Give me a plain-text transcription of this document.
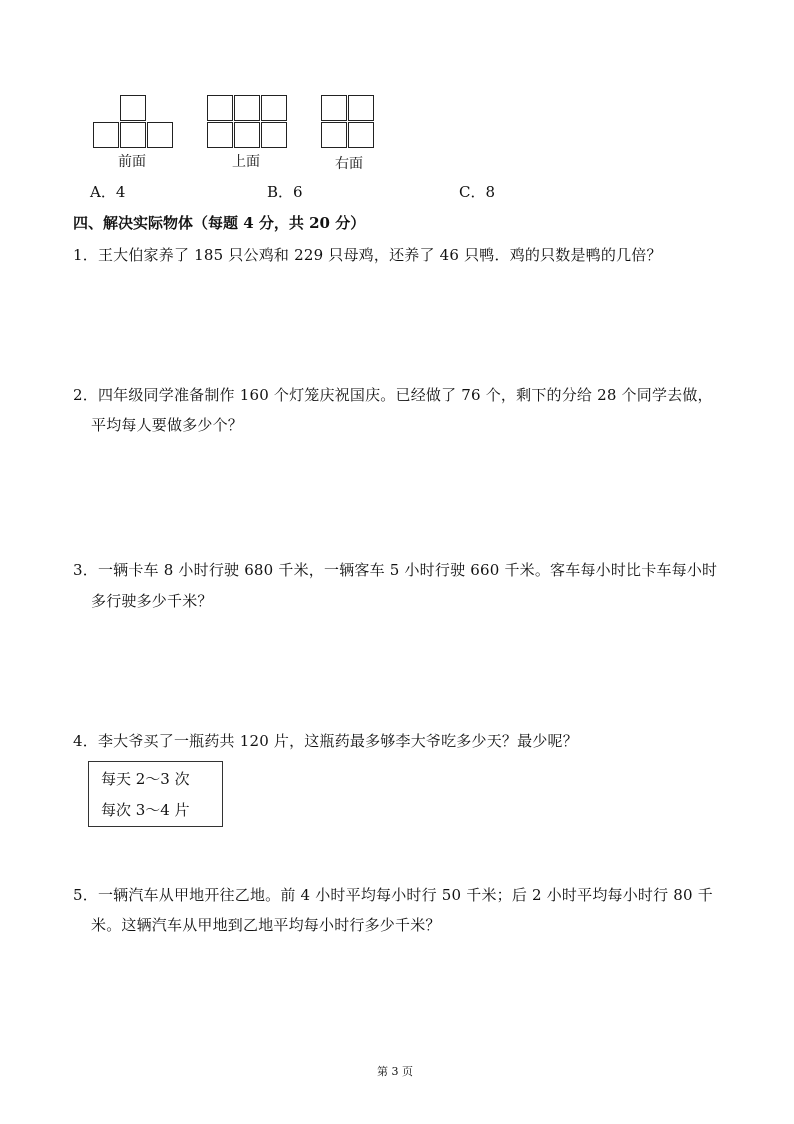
前面	上面	右面
A．4	B．6	C．8
四、解决实际物体（每题 4 分，共 20 分）
1．王大伯家养了 185 只公鸡和 229 只母鸡，还养了 46 只鸭．鸡的只数是鸭的几倍？
2．四年级同学准备制作 160 个灯笼庆祝国庆。已经做了 76 个，剩下的分给 28 个同学去做，
平均每人要做多少个？
3．一辆卡车 8 小时行驶 680 千米，一辆客车 5 小时行驶 660 千米。客车每小时比卡车每小时
多行驶多少千米？
4．李大爷买了一瓶药共 120 片，这瓶药最多够李大爷吃多少天？最少呢？
每天 2～3 次
每次 3～4 片
5．一辆汽车从甲地开往乙地。前 4 小时平均每小时行 50 千米；后 2 小时平均每小时行 80 千
米。这辆汽车从甲地到乙地平均每小时行多少千米？
第 3 页
